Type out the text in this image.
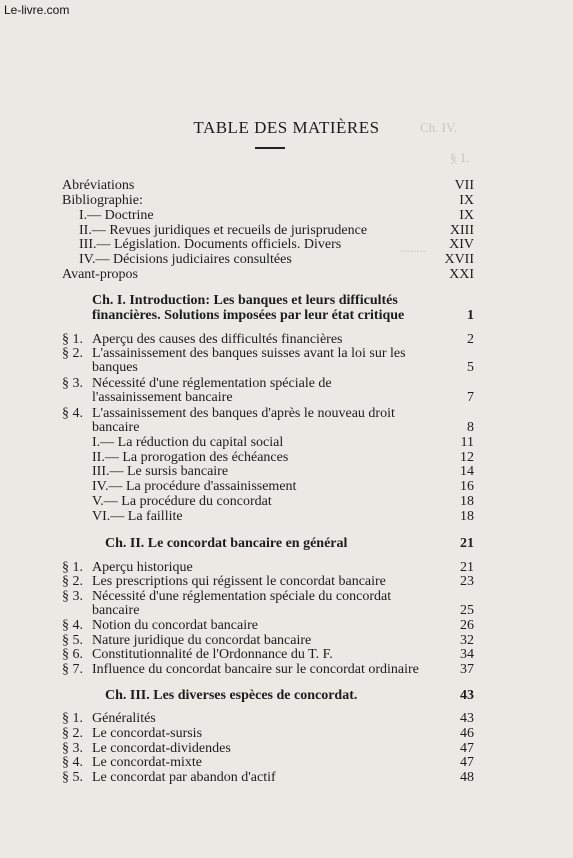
Le-livre.com
Ch. IV.
§ 1.
........
TABLE DES MATIÈRES
Abréviations	VII
Bibliographie:	IX
I.— Doctrine	IX
II.— Revues juridiques et recueils de jurisprudence	XIII
III.— Législation. Documents officiels. Divers	XIV
IV.— Décisions judiciaires consultées	XVII
Avant-propos	XXI
Ch. I. Introduction: Les banques et leurs difficultés
financières. Solutions imposées par leur état critique	1
§ 1. Aperçu des causes des difficultés financières	2
§ 2. L'assainissement des banques suisses avant la loi sur les
banques	5
§ 3. Nécessité d'une réglementation spéciale de
l'assainissement bancaire	7
§ 4. L'assainissement des banques d'après le nouveau droit
bancaire	8
I.— La réduction du capital social	11
II.— La prorogation des échéances	12
III.— Le sursis bancaire	14
IV.— La procédure d'assainissement	16
V.— La procédure du concordat	18
VI.— La faillite	18
Ch. II. Le concordat bancaire en général	21
§ 1. Aperçu historique	21
§ 2. Les prescriptions qui régissent le concordat bancaire	23
§ 3. Nécessité d'une réglementation spéciale du concordat
bancaire	25
§ 4. Notion du concordat bancaire	26
§ 5. Nature juridique du concordat bancaire	32
§ 6. Constitutionnalité de l'Ordonnance du T. F.	34
§ 7. Influence du concordat bancaire sur le concordat ordinaire	37
Ch. III. Les diverses espèces de concordat.	43
§ 1. Généralités	43
§ 2. Le concordat-sursis	46
§ 3. Le concordat-dividendes	47
§ 4. Le concordat-mixte	47
§ 5. Le concordat par abandon d'actif	48
